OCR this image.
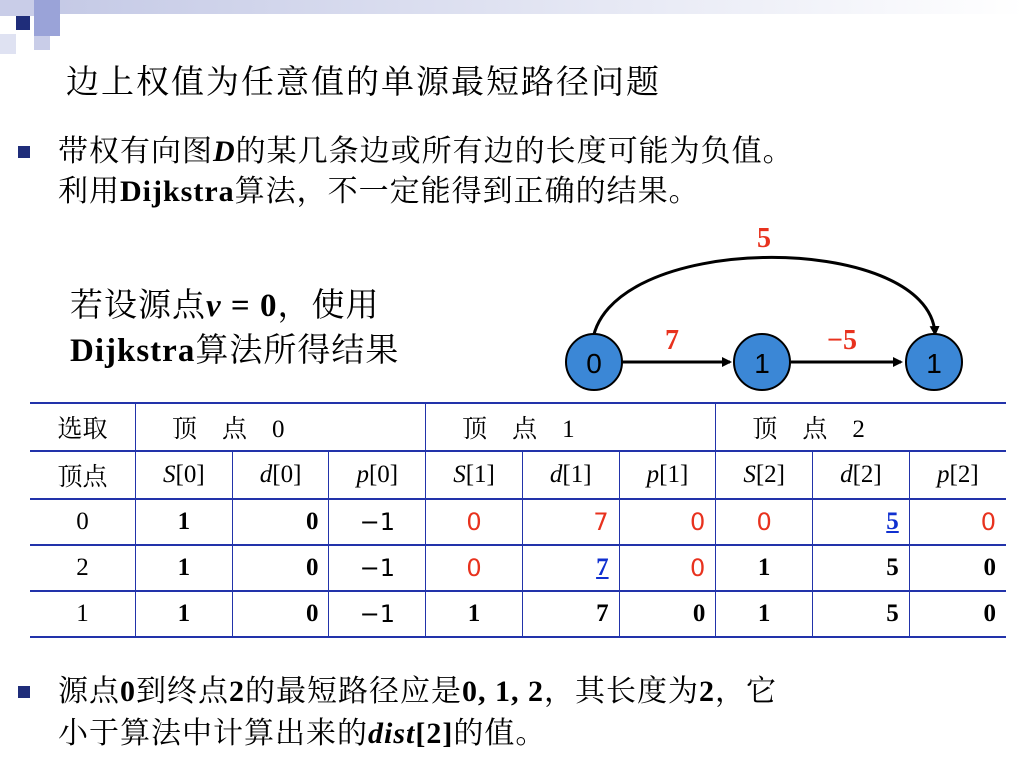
边上权值为任意值的单源最短路径问题
带权有向图D的某几条边或所有边的长度可能为负值。
利用Dijkstra算法，不一定能得到正确的结果。
若设源点v = 0，使用
Dijkstra算法所得结果	0	1	1
7	−5
5
选取	顶　点　0			顶　点　1			顶　点　2		
顶点	S[0]	d[0]	p[0]	S[1]	d[1]	p[1]	S[2]	d[2]	p[2]
0	1	0	−1	0	7	0	0	5	0
2	1	0	−1	0	7	0	1	5	0
1	1	0	−1	1	7	0	1	5	0
源点0到终点2的最短路径应是0, 1, 2，其长度为2，它
小于算法中计算出来的dist[2]的值。
